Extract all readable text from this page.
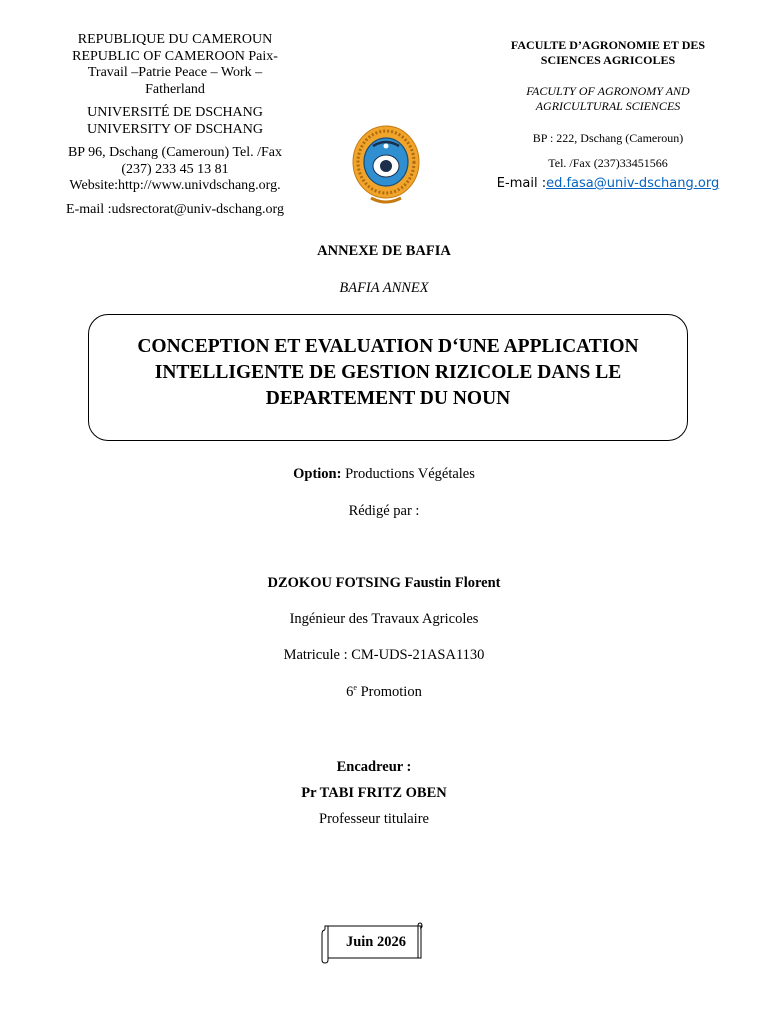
REPUBLIQUE DU CAMEROUN

REPUBLIC OF CAMEROON Paix-Travail –Patrie Peace – Work – Fatherland

UNIVERSITÉ DE DSCHANG

UNIVERSITY OF DSCHANG

BP 96, Dschang (Cameroun) Tel. /Fax (237) 233 45 13 81

Website:http://www.univdschang.org.

E-mail :udsrectorat@univ-dschang.org

FACULTE D’AGRONOMIE ET DES SCIENCES AGRICOLES

FACULTY OF AGRONOMY AND AGRICULTURAL SCIENCES

BP : 222, Dschang (Cameroun)

Tel. /Fax (237)33451566

E-mail :ed.fasa@univ-dschang.org

ANNEXE DE BAFIA
BAFIA ANNEX
CONCEPTION ET EVALUATION D‘UNE APPLICATION INTELLIGENTE DE GESTION RIZICOLE DANS LE DEPARTEMENT DU NOUN
Option: Productions Végétales
Rédigé par :
DZOKOU FOTSING Faustin Florent
Ingénieur des Travaux Agricoles
Matricule : CM-UDS-21ASA1130
6e Promotion
Encadreur :
Pr TABI FRITZ OBEN
Professeur titulaire
Juin 2026
